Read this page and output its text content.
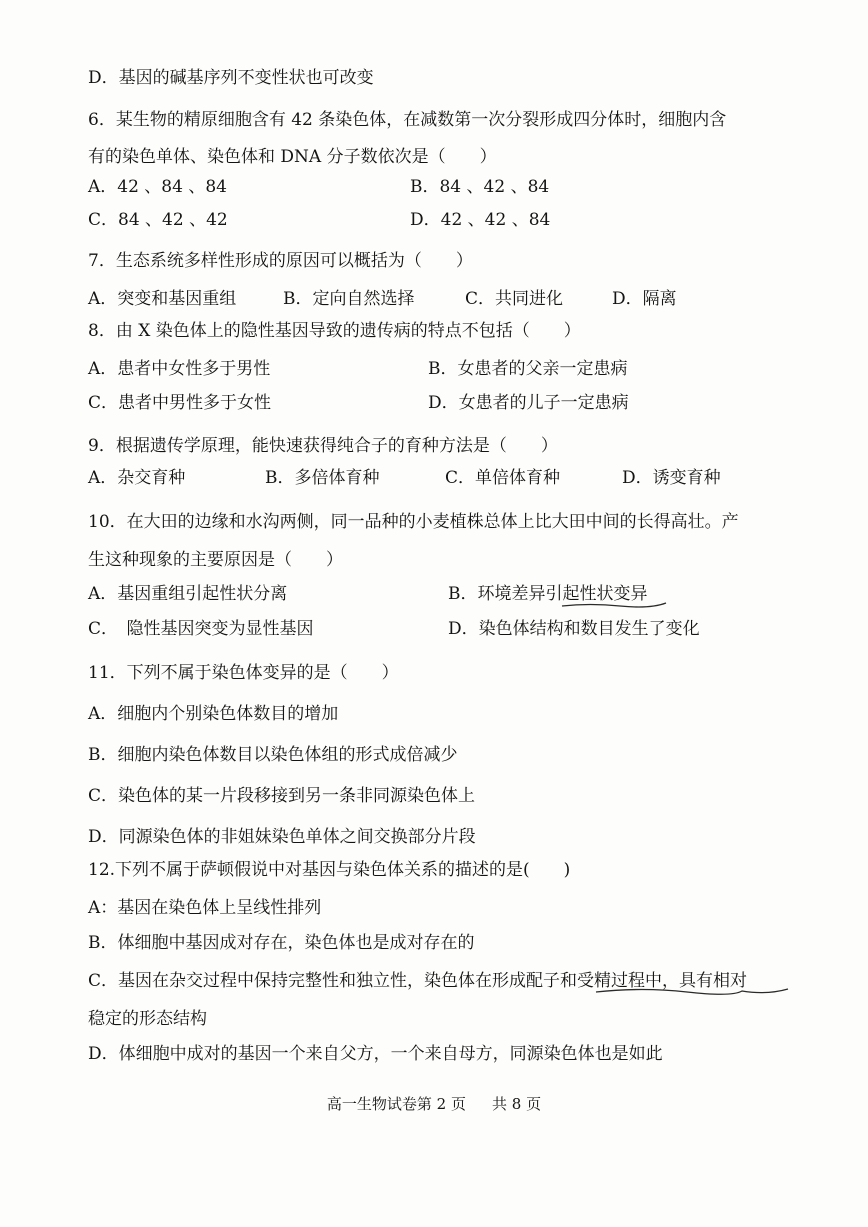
D．基因的碱基序列不变性状也可改变
6．某生物的精原细胞含有 42 条染色体，在减数第一次分裂形成四分体时，细胞内含
有的染色单体、染色体和 DNA 分子数依次是（　　）
A．42 、84 、84	B．84 、42 、84
C．84 、42 、42	D．42 、42 、84
7．生态系统多样性形成的原因可以概括为（　　）
A．突变和基因重组	B．定向自然选择	C．共同进化	D．隔离
8．由 X 染色体上的隐性基因导致的遗传病的特点不包括（　　）
A．患者中女性多于男性	B．女患者的父亲一定患病
C．患者中男性多于女性	D．女患者的儿子一定患病
9．根据遗传学原理，能快速获得纯合子的育种方法是（　　）
A．杂交育种	B．多倍体育种	C．单倍体育种	D．诱变育种
10．在大田的边缘和水沟两侧，同一品种的小麦植株总体上比大田中间的长得高壮。产
生这种现象的主要原因是（　　）
A．基因重组引起性状分离	B．环境差异引起性状变异
C．　隐性基因突变为显性基因	D．染色体结构和数目发生了变化
11．下列不属于染色体变异的是（　　）
A．细胞内个别染色体数目的增加
B．细胞内染色体数目以染色体组的形式成倍减少
C．染色体的某一片段移接到另一条非同源染色体上
D．同源染色体的非姐妹染色单体之间交换部分片段
12.下列不属于萨顿假说中对基因与染色体关系的描述的是(　　)
A：基因在染色体上呈线性排列
B．体细胞中基因成对存在，染色体也是成对存在的
C．基因在杂交过程中保持完整性和独立性，染色体在形成配子和受精过程中，具有相对
稳定的形态结构
D．体细胞中成对的基因一个来自父方，一个来自母方，同源染色体也是如此
高一生物试卷第 2 页 共 8 页
